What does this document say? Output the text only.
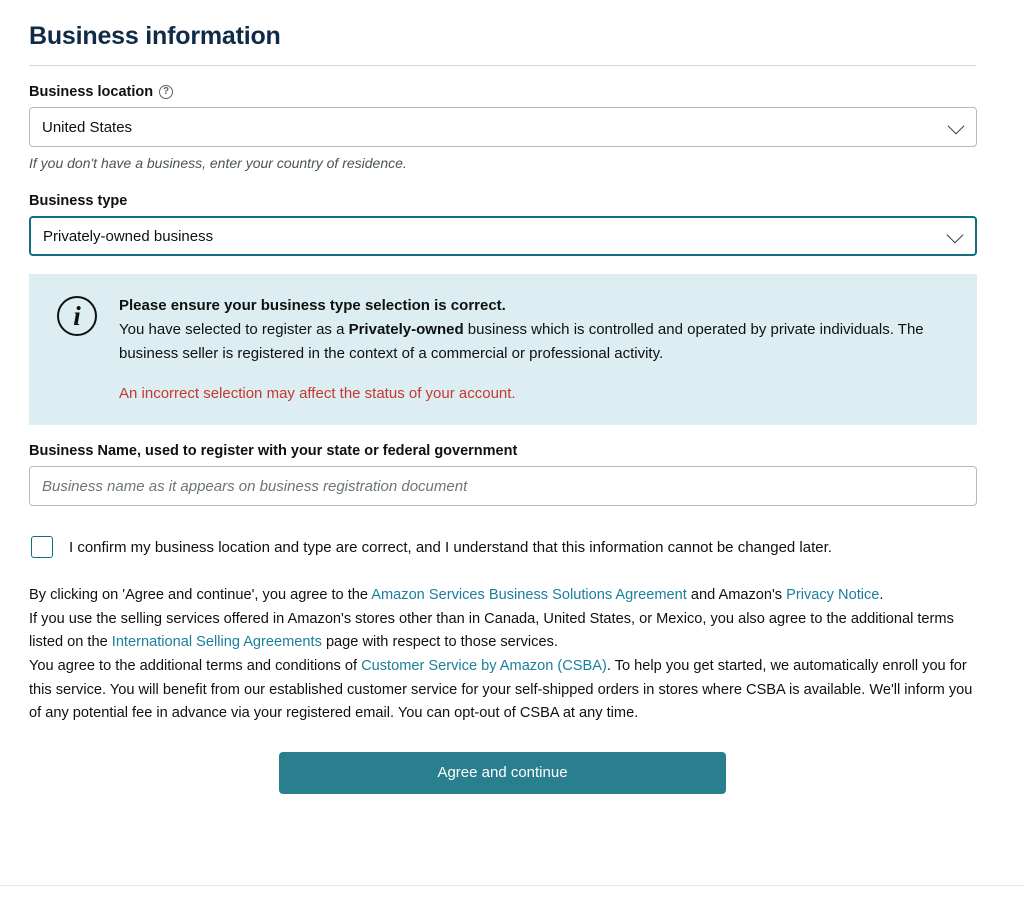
Business information
Business location ?
United States

If you don't have a business, enter your country of residence.

Business type
Privately-owned business
i	Please ensure your business type selection is correct.
You have selected to register as a Privately-owned business which is controlled and operated by private individuals. The business seller is registered in the context of a commercial or professional activity.
An incorrect selection may affect the status of your account.
Business Name, used to register with your state or federal government
Business name as it appears on business registration document
I confirm my business location and type are correct, and I understand that this information cannot be changed later.

By clicking on 'Agree and continue', you agree to the Amazon Services Business Solutions Agreement and Amazon's Privacy Notice.

If you use the selling services offered in Amazon's stores other than in Canada, United States, or Mexico, you also agree to the additional terms listed on the International Selling Agreements page with respect to those services.

You agree to the additional terms and conditions of Customer Service by Amazon (CSBA). To help you get started, we automatically enroll you for this service. You will benefit from our established customer service for your self-shipped orders in stores where CSBA is available. We'll inform you of any potential fee in advance via your registered email. You can opt-out of CSBA at any time.

Agree and continue
